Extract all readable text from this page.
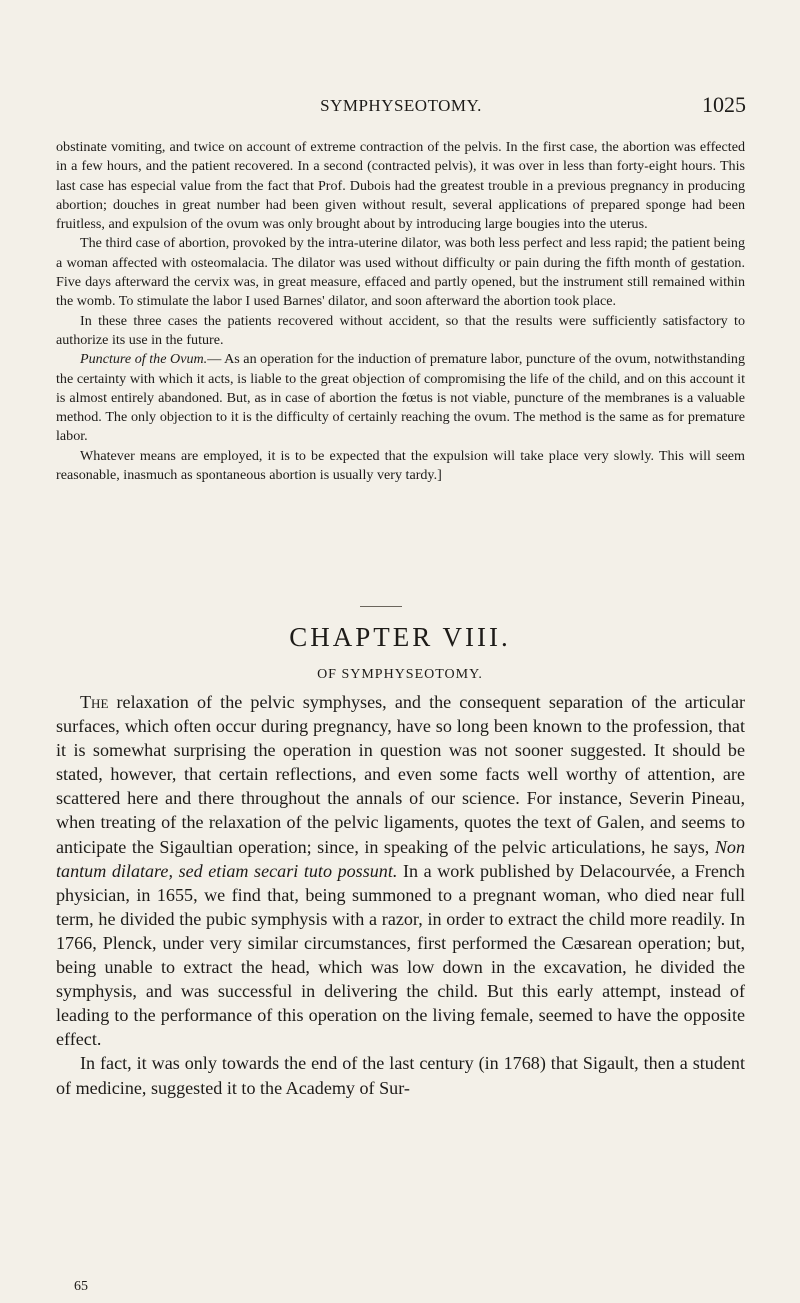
SYMPHYSEOTOMY.	1025

obstinate vomiting, and twice on account of extreme contraction of the pelvis. In the first case, the abortion was effected in a few hours, and the patient recovered. In a second (contracted pelvis), it was over in less than forty-eight hours. This last case has especial value from the fact that Prof. Dubois had the greatest trouble in a previous pregnancy in producing abortion; douches in great number had been given without result, several applications of prepared sponge had been fruitless, and expulsion of the ovum was only brought about by introducing large bougies into the uterus.

The third case of abortion, provoked by the intra-uterine dilator, was both less perfect and less rapid; the patient being a woman affected with osteomalacia. The dilator was used without difficulty or pain during the fifth month of gestation. Five days afterward the cervix was, in great measure, effaced and partly opened, but the instrument still remained within the womb. To stimulate the labor I used Barnes' dilator, and soon afterward the abortion took place.

In these three cases the patients recovered without accident, so that the results were sufficiently satisfactory to authorize its use in the future.

Puncture of the Ovum.— As an operation for the induction of premature labor, puncture of the ovum, notwithstanding the certainty with which it acts, is liable to the great objection of compromising the life of the child, and on this account it is almost entirely abandoned. But, as in case of abortion the fœtus is not viable, puncture of the membranes is a valuable method. The only objection to it is the difficulty of certainly reaching the ovum. The method is the same as for premature labor.

Whatever means are employed, it is to be expected that the expulsion will take place very slowly. This will seem reasonable, inasmuch as spontaneous abortion is usually very tardy.]

CHAPTER VIII.
OF SYMPHYSEOTOMY.

The relaxation of the pelvic symphyses, and the consequent separation of the articular surfaces, which often occur during pregnancy, have so long been known to the profession, that it is somewhat surprising the operation in question was not sooner suggested. It should be stated, however, that certain reflections, and even some facts well worthy of attention, are scattered here and there throughout the annals of our science. For instance, Severin Pineau, when treating of the relaxation of the pelvic ligaments, quotes the text of Galen, and seems to anticipate the Sigaultian operation; since, in speaking of the pelvic articulations, he says, Non tantum dilatare, sed etiam secari tuto possunt. In a work published by Delacourvée, a French physician, in 1655, we find that, being summoned to a pregnant woman, who died near full term, he divided the pubic symphysis with a razor, in order to extract the child more readily. In 1766, Plenck, under very similar circumstances, first performed the Cæsarean operation; but, being unable to extract the head, which was low down in the excavation, he divided the symphysis, and was successful in delivering the child. But this early attempt, instead of leading to the performance of this operation on the living female, seemed to have the opposite effect.

In fact, it was only towards the end of the last century (in 1768) that Sigault, then a student of medicine, suggested it to the Academy of Sur-

65
